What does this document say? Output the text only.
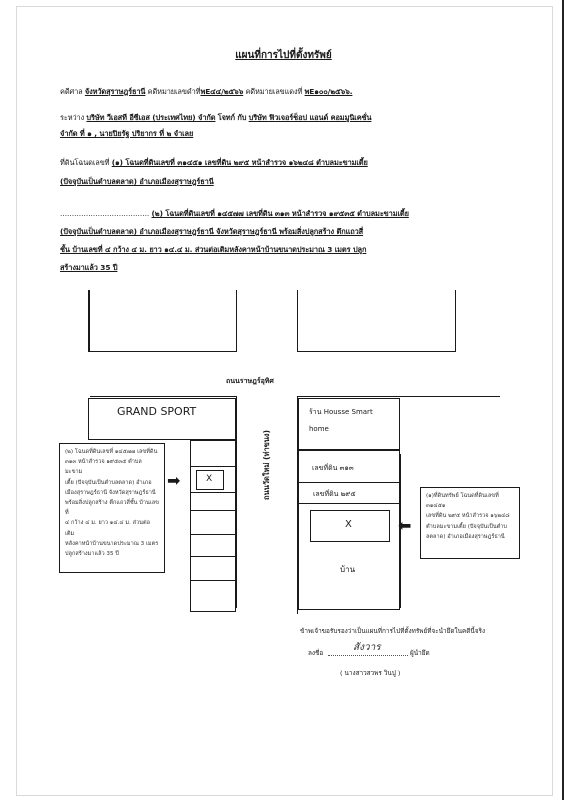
แผนที่การไปที่ตั้งทรัพย์
คดีศาล จังหวัดสุราษฎร์ธานี คดีหมายเลขดำที่พE๔๔/๒๕๖๖ คดีหมายเลขแดงที่ พE๑๐๐/๒๕๖๖.
ระหว่าง บริษัท วีเอสที อีซีเอส (ประเทศไทย) จำกัด โจทก์ กับ บริษัท ฟิวเจอร์ช็อป แอนด์ คอมมูนิเคชั่น
จำกัด ที่ ๑ , นายปิยรัฐ ปริยากร ที่ ๒ จำเลย
ที่ดินโฉนดเลขที่ (๑) โฉนดที่ดินเลขที่ ๓๑๔๕๑ เลขที่ดิน ๒๙๕ หน้าสำรวจ ๑๖๒๔๘ ตำบลมะขามเตี้ย
(ปัจจุบันเป็นตำบลตลาด) อำเภอเมืองสุราษฎร์ธานี
...................................... (๒) โฉนดที่ดินเลขที่ ๑๔๕๗๗ เลขที่ดิน ๓๑๓ หน้าสำรวจ ๑๙๕๓๕ ตำบลมะขามเตี้ย
(ปัจจุบันเป็นตำบลตลาด) อำเภอเมืองสุราษฎร์ธานี จังหวัดสุราษฎร์ธานี พร้อมสิ่งปลูกสร้าง ตึกแถวสี่
ชั้น บ้านเลขที่ ๔ กว้าง ๔ ม. ยาว ๑๔.๔ ม. ส่วนต่อเติมหลังคาหน้าบ้านขนาดประมาณ 3 เมตร ปลูก
สร้างมาแล้ว 35 ปี
ถนนราษฎร์อุทิศ
ถนนวัดใหม่ (ท่าขนง)
GRAND SPORT
X
➡
(๒) โฉนดที่ดินเลขที่ ๑๔๕๗๗ เลขที่ดิน
๓๑๓ หน้าสำรวจ ๑๙๕๓๕ ตำบลมะขาม
เตี้ย (ปัจจุบันเป็นตำบลตลาด) อำเภอ
เมืองสุราษฎร์ธานี จังหวัดสุราษฎร์ธานี
พร้อมสิ่งปลูกสร้าง ตึกแถวสี่ชั้น บ้านเลขที่
๔ กว้าง ๔ ม. ยาว ๑๔.๔ ม. ส่วนต่อเติม
หลังคาหน้าบ้านขนาดประมาณ 3 เมตร
ปลูกสร้างมาแล้ว 35 ปี
ร้าน Housse Smart
home
เลขที่ดิน ๒๙๕
เลขที่ดิน ๓๑๓
X
บ้าน
⬅
(๑)ที่ดินทรัพย์ โฉนดที่ดินเลขที่ ๓๑๔๕๑
เลขที่ดิน ๒๙๕ หน้าสำรวจ ๑๖๒๔๘
ตำบลมะขามเตี้ย (ปัจจุบันเป็นตำบ
ลตลาด) อำเภอเมืองสุราษฎร์ธานี
ข้าพเจ้าขอรับรองว่าเป็นแผนที่การไปที่ตั้งทรัพย์ที่จะนำยึดในคดีนี้จริง
ลงชื่อ	สังวาร	ผู้นำยึด
( นางสาวสวพร วินปู )
